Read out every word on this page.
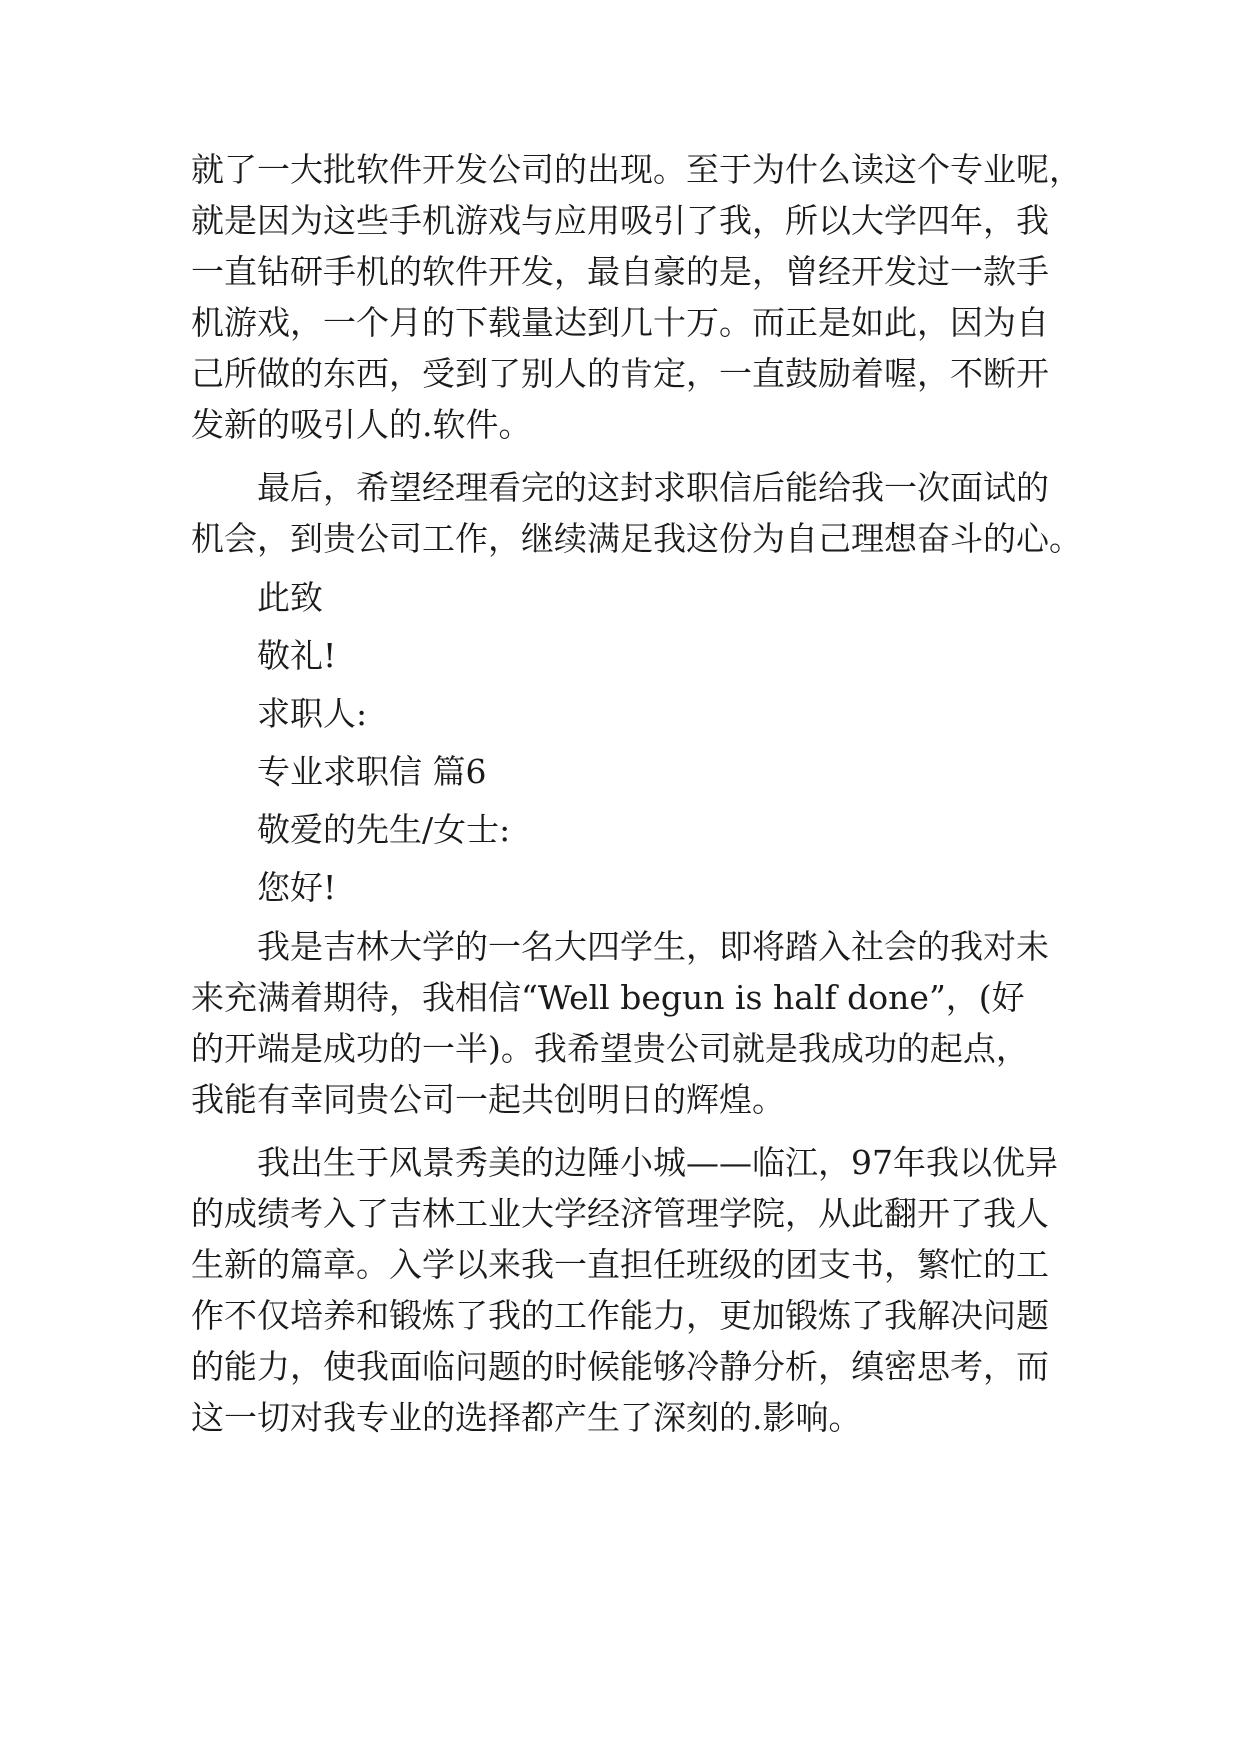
就了一大批软件开发公司的出现。至于为什么读这个专业呢，
就是因为这些手机游戏与应用吸引了我，所以大学四年，我
一直钻研手机的软件开发，最自豪的是，曾经开发过一款手
机游戏，一个月的下载量达到几十万。而正是如此，因为自
己所做的东西，受到了别人的肯定，一直鼓励着喔，不断开
发新的吸引人的.软件。
最后，希望经理看完的这封求职信后能给我一次面试的
机会，到贵公司工作，继续满足我这份为自己理想奋斗的心。
此致
敬礼!
求职人:
专业求职信 篇6
敬爱的先生/女士:
您好!
我是吉林大学的一名大四学生，即将踏入社会的我对未
来充满着期待，我相信“Well begun is half done”，(好
的开端是成功的一半)。我希望贵公司就是我成功的起点，
我能有幸同贵公司一起共创明日的辉煌。
我出生于风景秀美的边陲小城——临江，97年我以优异
的成绩考入了吉林工业大学经济管理学院，从此翻开了我人
生新的篇章。入学以来我一直担任班级的团支书，繁忙的工
作不仅培养和锻炼了我的工作能力，更加锻炼了我解决问题
的能力，使我面临问题的时候能够冷静分析，缜密思考，而
这一切对我专业的选择都产生了深刻的.影响。
